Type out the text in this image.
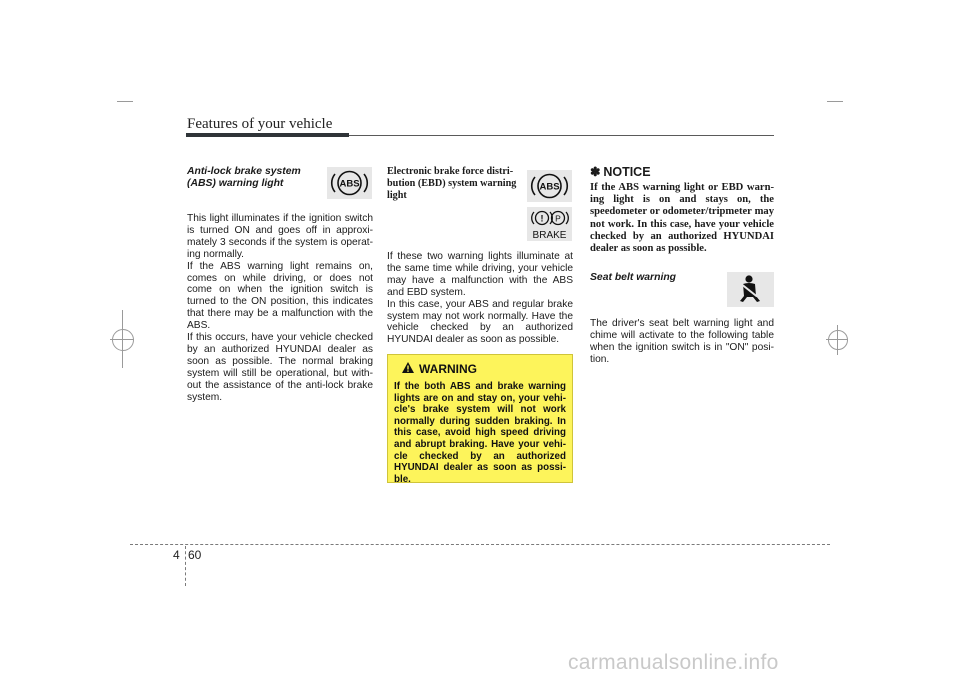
Features of your vehicle
Anti-lock brake system
(ABS) warning light	ABS

This light illuminates if the ignition switch is turned ON and goes off in approxi-mately 3 seconds if the system is operat-ing normally.

If the ABS warning light remains on, comes on while driving, or does not come on when the ignition switch is turned to the ON position, this indicates that there may be a malfunction with the ABS.

If this occurs, have your vehicle checked by an authorized HYUNDAI dealer as soon as possible. The normal braking system will still be operational, but with-out the assistance of the anti-lock brake system.

Electronic brake force distri-
bution (EBD) system warning
light
ABS
! P
BRAKE

If these two warning lights illuminate at the same time while driving, your vehicle may have a malfunction with the ABS and EBD system.

In this case, your ABS and regular brake system may not work normally. Have the vehicle checked by an authorized HYUNDAI dealer as soon as possible.

WARNING
If the both ABS and brake warning lights are on and stay on, your vehi-cle's brake system will not work normally during sudden braking. In this case, avoid high speed driving and abrupt braking. Have your vehi-cle checked by an authorized HYUNDAI dealer as soon as possi-ble.
✽ NOTICE
If the ABS warning light or EBD warn-ing light is on and stays on, the speedometer or odometer/tripmeter may not work. In this case, have your vehicle checked by an authorized HYUNDAI dealer as soon as possible.
Seat belt warning

The driver's seat belt warning light and chime will activate to the following table when the ignition switch is in "ON" posi-tion.

4 60
carmanualsonline.info
